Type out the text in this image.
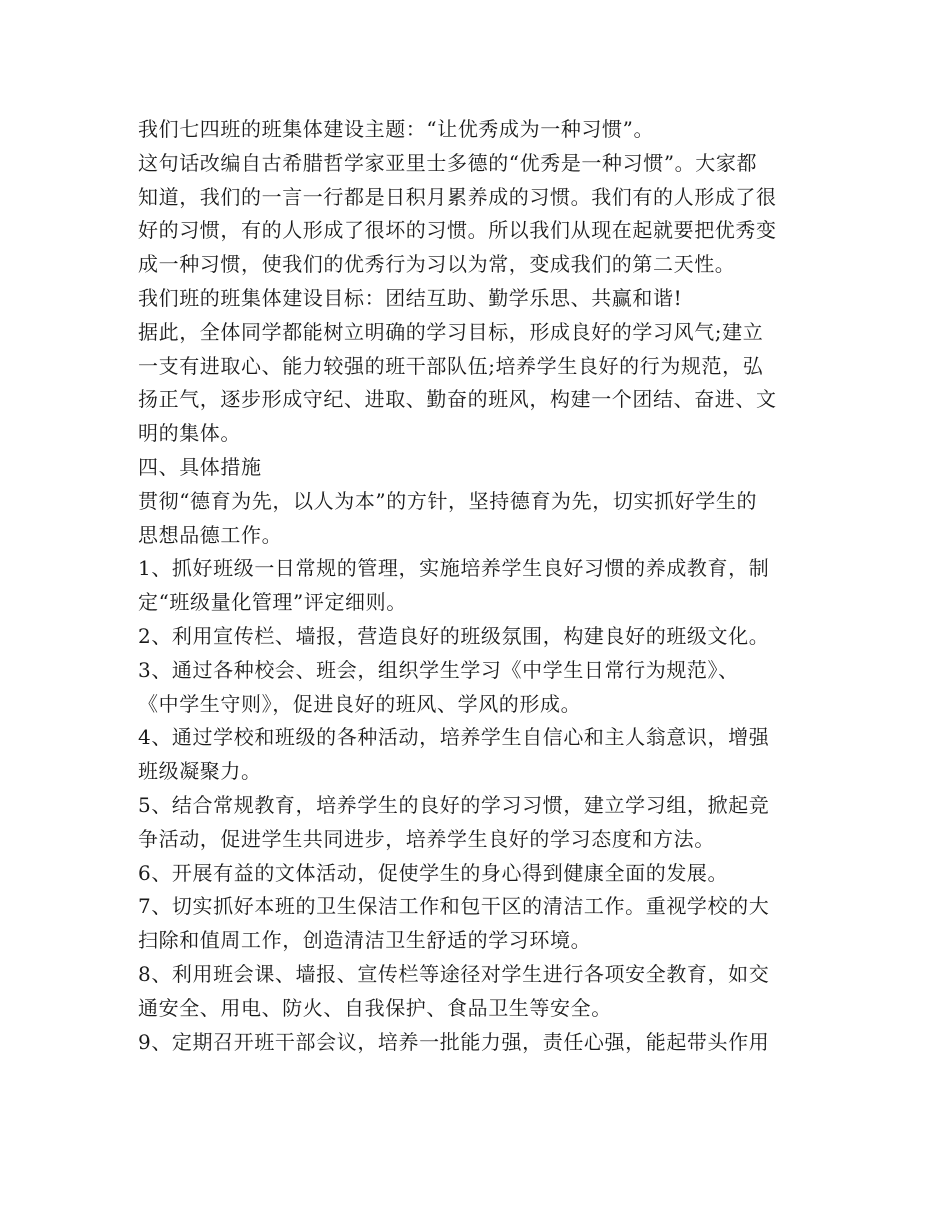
我们七四班的班集体建设主题：“让优秀成为一种习惯”。

这句话改编自古希腊哲学家亚里士多德的“优秀是一种习惯”。大家都

知道，我们的一言一行都是日积月累养成的习惯。我们有的人形成了很

好的习惯，有的人形成了很坏的习惯。所以我们从现在起就要把优秀变

成一种习惯，使我们的优秀行为习以为常，变成我们的第二天性。

我们班的班集体建设目标：团结互助、勤学乐思、共赢和谐!

据此，全体同学都能树立明确的学习目标，形成良好的学习风气;建立

一支有进取心、能力较强的班干部队伍;培养学生良好的行为规范，弘

扬正气，逐步形成守纪、进取、勤奋的班风，构建一个团结、奋进、文

明的集体。

四、具体措施

贯彻“德育为先，以人为本”的方针，坚持德育为先，切实抓好学生的

思想品德工作。

1、抓好班级一日常规的管理，实施培养学生良好习惯的养成教育，制

定“班级量化管理”评定细则。

2、利用宣传栏、墙报，营造良好的班级氛围，构建良好的班级文化。

3、通过各种校会、班会，组织学生学习《中学生日常行为规范》、

《中学生守则》，促进良好的班风、学风的形成。

4、通过学校和班级的各种活动，培养学生自信心和主人翁意识，增强

班级凝聚力。

5、结合常规教育，培养学生的良好的学习习惯，建立学习组，掀起竞

争活动，促进学生共同进步，培养学生良好的学习态度和方法。

6、开展有益的文体活动，促使学生的身心得到健康全面的发展。

7、切实抓好本班的卫生保洁工作和包干区的清洁工作。重视学校的大

扫除和值周工作，创造清洁卫生舒适的学习环境。

8、利用班会课、墙报、宣传栏等途径对学生进行各项安全教育，如交

通安全、用电、防火、自我保护、食品卫生等安全。

9、定期召开班干部会议，培养一批能力强，责任心强，能起带头作用
